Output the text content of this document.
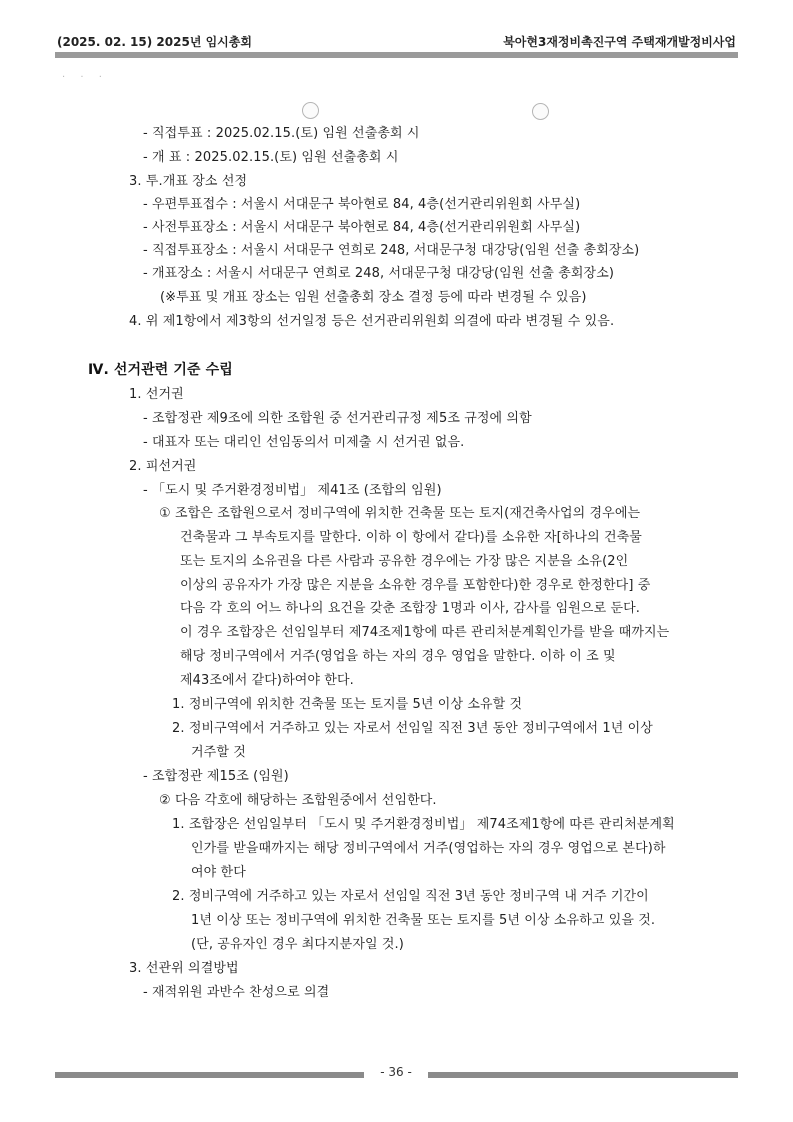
(2025. 02. 15) 2025년 임시총회	북아현3재정비촉진구역 주택재개발정비사업
· · ·
- 직접투표 : 2025.02.15.(토) 임원 선출총회 시
- 개 표 : 2025.02.15.(토) 임원 선출총회 시
3. 투.개표 장소 선정
- 우편투표접수 : 서울시 서대문구 북아현로 84, 4층(선거관리위원회 사무실)
- 사전투표장소 : 서울시 서대문구 북아현로 84, 4층(선거관리위원회 사무실)
- 직접투표장소 : 서울시 서대문구 연희로 248, 서대문구청 대강당(임원 선출 총회장소)
- 개표장소 : 서울시 서대문구 연희로 248, 서대문구청 대강당(임원 선출 총회장소)
(※투표 및 개표 장소는 임원 선출총회 장소 결정 등에 따라 변경될 수 있음)
4. 위 제1항에서 제3항의 선거일정 등은 선거관리위원회 의결에 따라 변경될 수 있음.
Ⅳ. 선거관련 기준 수립
1. 선거권
- 조합정관 제9조에 의한 조합원 중 선거관리규정 제5조 규정에 의함
- 대표자 또는 대리인 선임동의서 미제출 시 선거권 없음.
2. 피선거권
- 「도시 및 주거환경정비법」 제41조 (조합의 임원)
① 조합은 조합원으로서 정비구역에 위치한 건축물 또는 토지(재건축사업의 경우에는
건축물과 그 부속토지를 말한다. 이하 이 항에서 같다)를 소유한 자[하나의 건축물
또는 토지의 소유권을 다른 사람과 공유한 경우에는 가장 많은 지분을 소유(2인
이상의 공유자가 가장 많은 지분을 소유한 경우를 포함한다)한 경우로 한정한다] 중
다음 각 호의 어느 하나의 요건을 갖춘 조합장 1명과 이사, 감사를 임원으로 둔다.
이 경우 조합장은 선임일부터 제74조제1항에 따른 관리처분계획인가를 받을 때까지는
해당 정비구역에서 거주(영업을 하는 자의 경우 영업을 말한다. 이하 이 조 및
제43조에서 같다)하여야 한다.
1. 정비구역에 위치한 건축물 또는 토지를 5년 이상 소유할 것
2. 정비구역에서 거주하고 있는 자로서 선임일 직전 3년 동안 정비구역에서 1년 이상
거주할 것
- 조합정관 제15조 (임원)
② 다음 각호에 해당하는 조합원중에서 선임한다.
1. 조합장은 선임일부터 「도시 및 주거환경정비법」 제74조제1항에 따른 관리처분계획
인가를 받을때까지는 해당 정비구역에서 거주(영업하는 자의 경우 영업으로 본다)하
여야 한다
2. 정비구역에 거주하고 있는 자로서 선임일 직전 3년 동안 정비구역 내 거주 기간이
1년 이상 또는 정비구역에 위치한 건축물 또는 토지를 5년 이상 소유하고 있을 것.
(단, 공유자인 경우 최다지분자일 것.)
3. 선관위 의결방법
- 재적위원 과반수 찬성으로 의결
- 36 -
